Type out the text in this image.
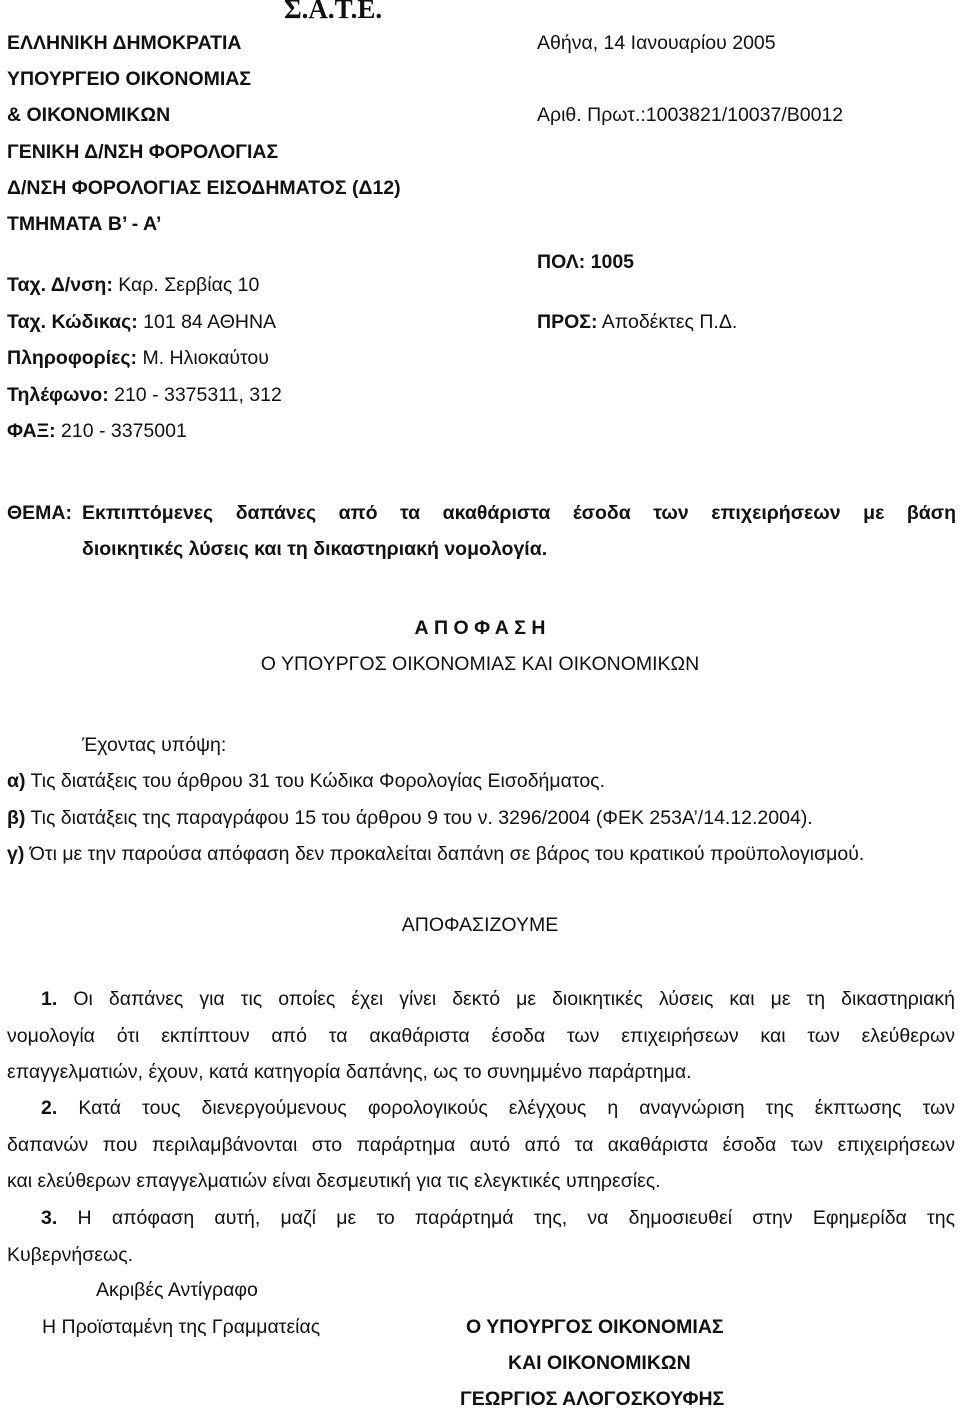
Σ.Α.Τ.Ε.
ΕΛΛΗΝΙΚΗ ΔΗΜΟΚΡΑΤΙΑ
ΥΠΟΥΡΓΕΙΟ ΟΙΚΟΝΟΜΙΑΣ
& ΟΙΚΟΝΟΜΙΚΩΝ
ΓΕΝΙΚΗ Δ/ΝΣΗ ΦΟΡΟΛΟΓΙΑΣ
Δ/ΝΣΗ ΦΟΡΟΛΟΓΙΑΣ ΕΙΣΟΔΗΜΑΤΟΣ (Δ12)
ΤΜΗΜΑΤΑ Β’ - Α’
Ταχ. Δ/νση: Καρ. Σερβίας 10
Ταχ. Κώδικας: 101 84 ΑΘΗΝΑ
Πληροφορίες: Μ. Ηλιοκαύτου
Τηλέφωνο: 210 - 3375311, 312
ΦΑΞ: 210 - 3375001
Αθήνα, 14 Ιανουαρίου 2005
Αριθ. Πρωτ.:1003821/10037/Β0012
ΠΟΛ: 1005
ΠΡΟΣ: Αποδέκτες Π.Δ.
ΘΕΜΑ: Εκπιπτόμενες δαπάνες από τα ακαθάριστα έσοδα των επιχειρήσεων με βάση
διοικητικές λύσεις και τη δικαστηριακή νομολογία.
Α Π Ο Φ Α Σ Η
Ο ΥΠΟΥΡΓΟΣ ΟΙΚΟΝΟΜΙΑΣ ΚΑΙ ΟΙΚΟΝΟΜΙΚΩΝ
Έχοντας υπόψη:
α) Τις διατάξεις του άρθρου 31 του Κώδικα Φορολογίας Εισοδήματος.
β) Τις διατάξεις της παραγράφου 15 του άρθρου 9 του ν. 3296/2004 (ΦΕΚ 253Α’/14.12.2004).
γ) Ότι με την παρούσα απόφαση δεν προκαλείται δαπάνη σε βάρος του κρατικού προϋπολογισμού.
ΑΠΟΦΑΣΙΖΟΥΜΕ
1. Οι δαπάνες για τις οποίες έχει γίνει δεκτό με διοικητικές λύσεις και με τη δικαστηριακή
νομολογία ότι εκπίπτουν από τα ακαθάριστα έσοδα των επιχειρήσεων και των ελεύθερων
επαγγελματιών, έχουν, κατά κατηγορία δαπάνης, ως το συνημμένο παράρτημα.
2. Κατά τους διενεργούμενους φορολογικούς ελέγχους η αναγνώριση της έκπτωσης των
δαπανών που περιλαμβάνονται στο παράρτημα αυτό από τα ακαθάριστα έσοδα των επιχειρήσεων
και ελεύθερων επαγγελματιών είναι δεσμευτική για τις ελεγκτικές υπηρεσίες.
3. Η απόφαση αυτή, μαζί με το παράρτημά της, να δημοσιευθεί στην Εφημερίδα της
Κυβερνήσεως.
Ακριβές Αντίγραφο
Η Προϊσταμένη της Γραμματείας	Ο ΥΠΟΥΡΓΟΣ ΟΙΚΟΝΟΜΙΑΣ
ΚΑΙ ΟΙΚΟΝΟΜΙΚΩΝ
ΓΕΩΡΓΙΟΣ ΑΛΟΓΟΣΚΟΥΦΗΣ
